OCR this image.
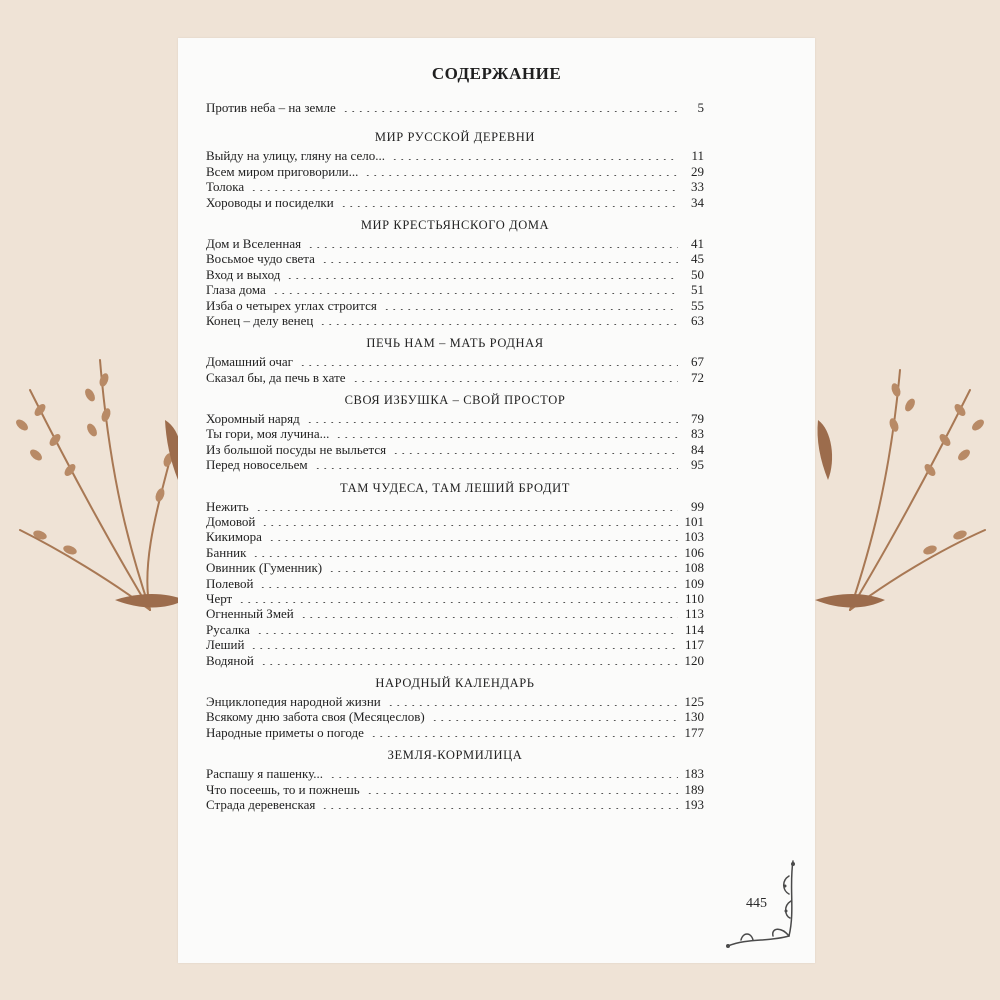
СОДЕРЖАНИЕ
Против неба – на земле	5
МИР РУССКОЙ ДЕРЕВНИ
Выйду на улицу, гляну на село...	11
Всем миром приговорили...	29
Толока	33
Хороводы и посиделки	34
МИР КРЕСТЬЯНСКОГО ДОМА
Дом и Вселенная	41
Восьмое чудо света	45
Вход и выход	50
Глаза дома	51
Изба о четырех углах строится	55
Конец – делу венец	63
ПЕЧЬ НАМ – МАТЬ РОДНАЯ
Домашний очаг	67
Сказал бы, да печь в хате	72
СВОЯ ИЗБУШКА – СВОЙ ПРОСТОР
Хоромный наряд	79
Ты гори, моя лучина...	83
Из большой посуды не выльется	84
Перед новосельем	95
ТАМ ЧУДЕСА, ТАМ ЛЕШИЙ БРОДИТ
Нежить	99
Домовой	101
Кикимора	103
Банник	106
Овинник (Гуменник)	108
Полевой	109
Черт	110
Огненный Змей	113
Русалка	114
Леший	117
Водяной	120
НАРОДНЫЙ КАЛЕНДАРЬ
Энциклопедия народной жизни	125
Всякому дню забота своя (Месяцеслов)	130
Народные приметы о погоде	177
ЗЕМЛЯ-КОРМИЛИЦА
Распашу я пашенку...	183
Что посеешь, то и пожнешь	189
Страда деревенская	193
445
